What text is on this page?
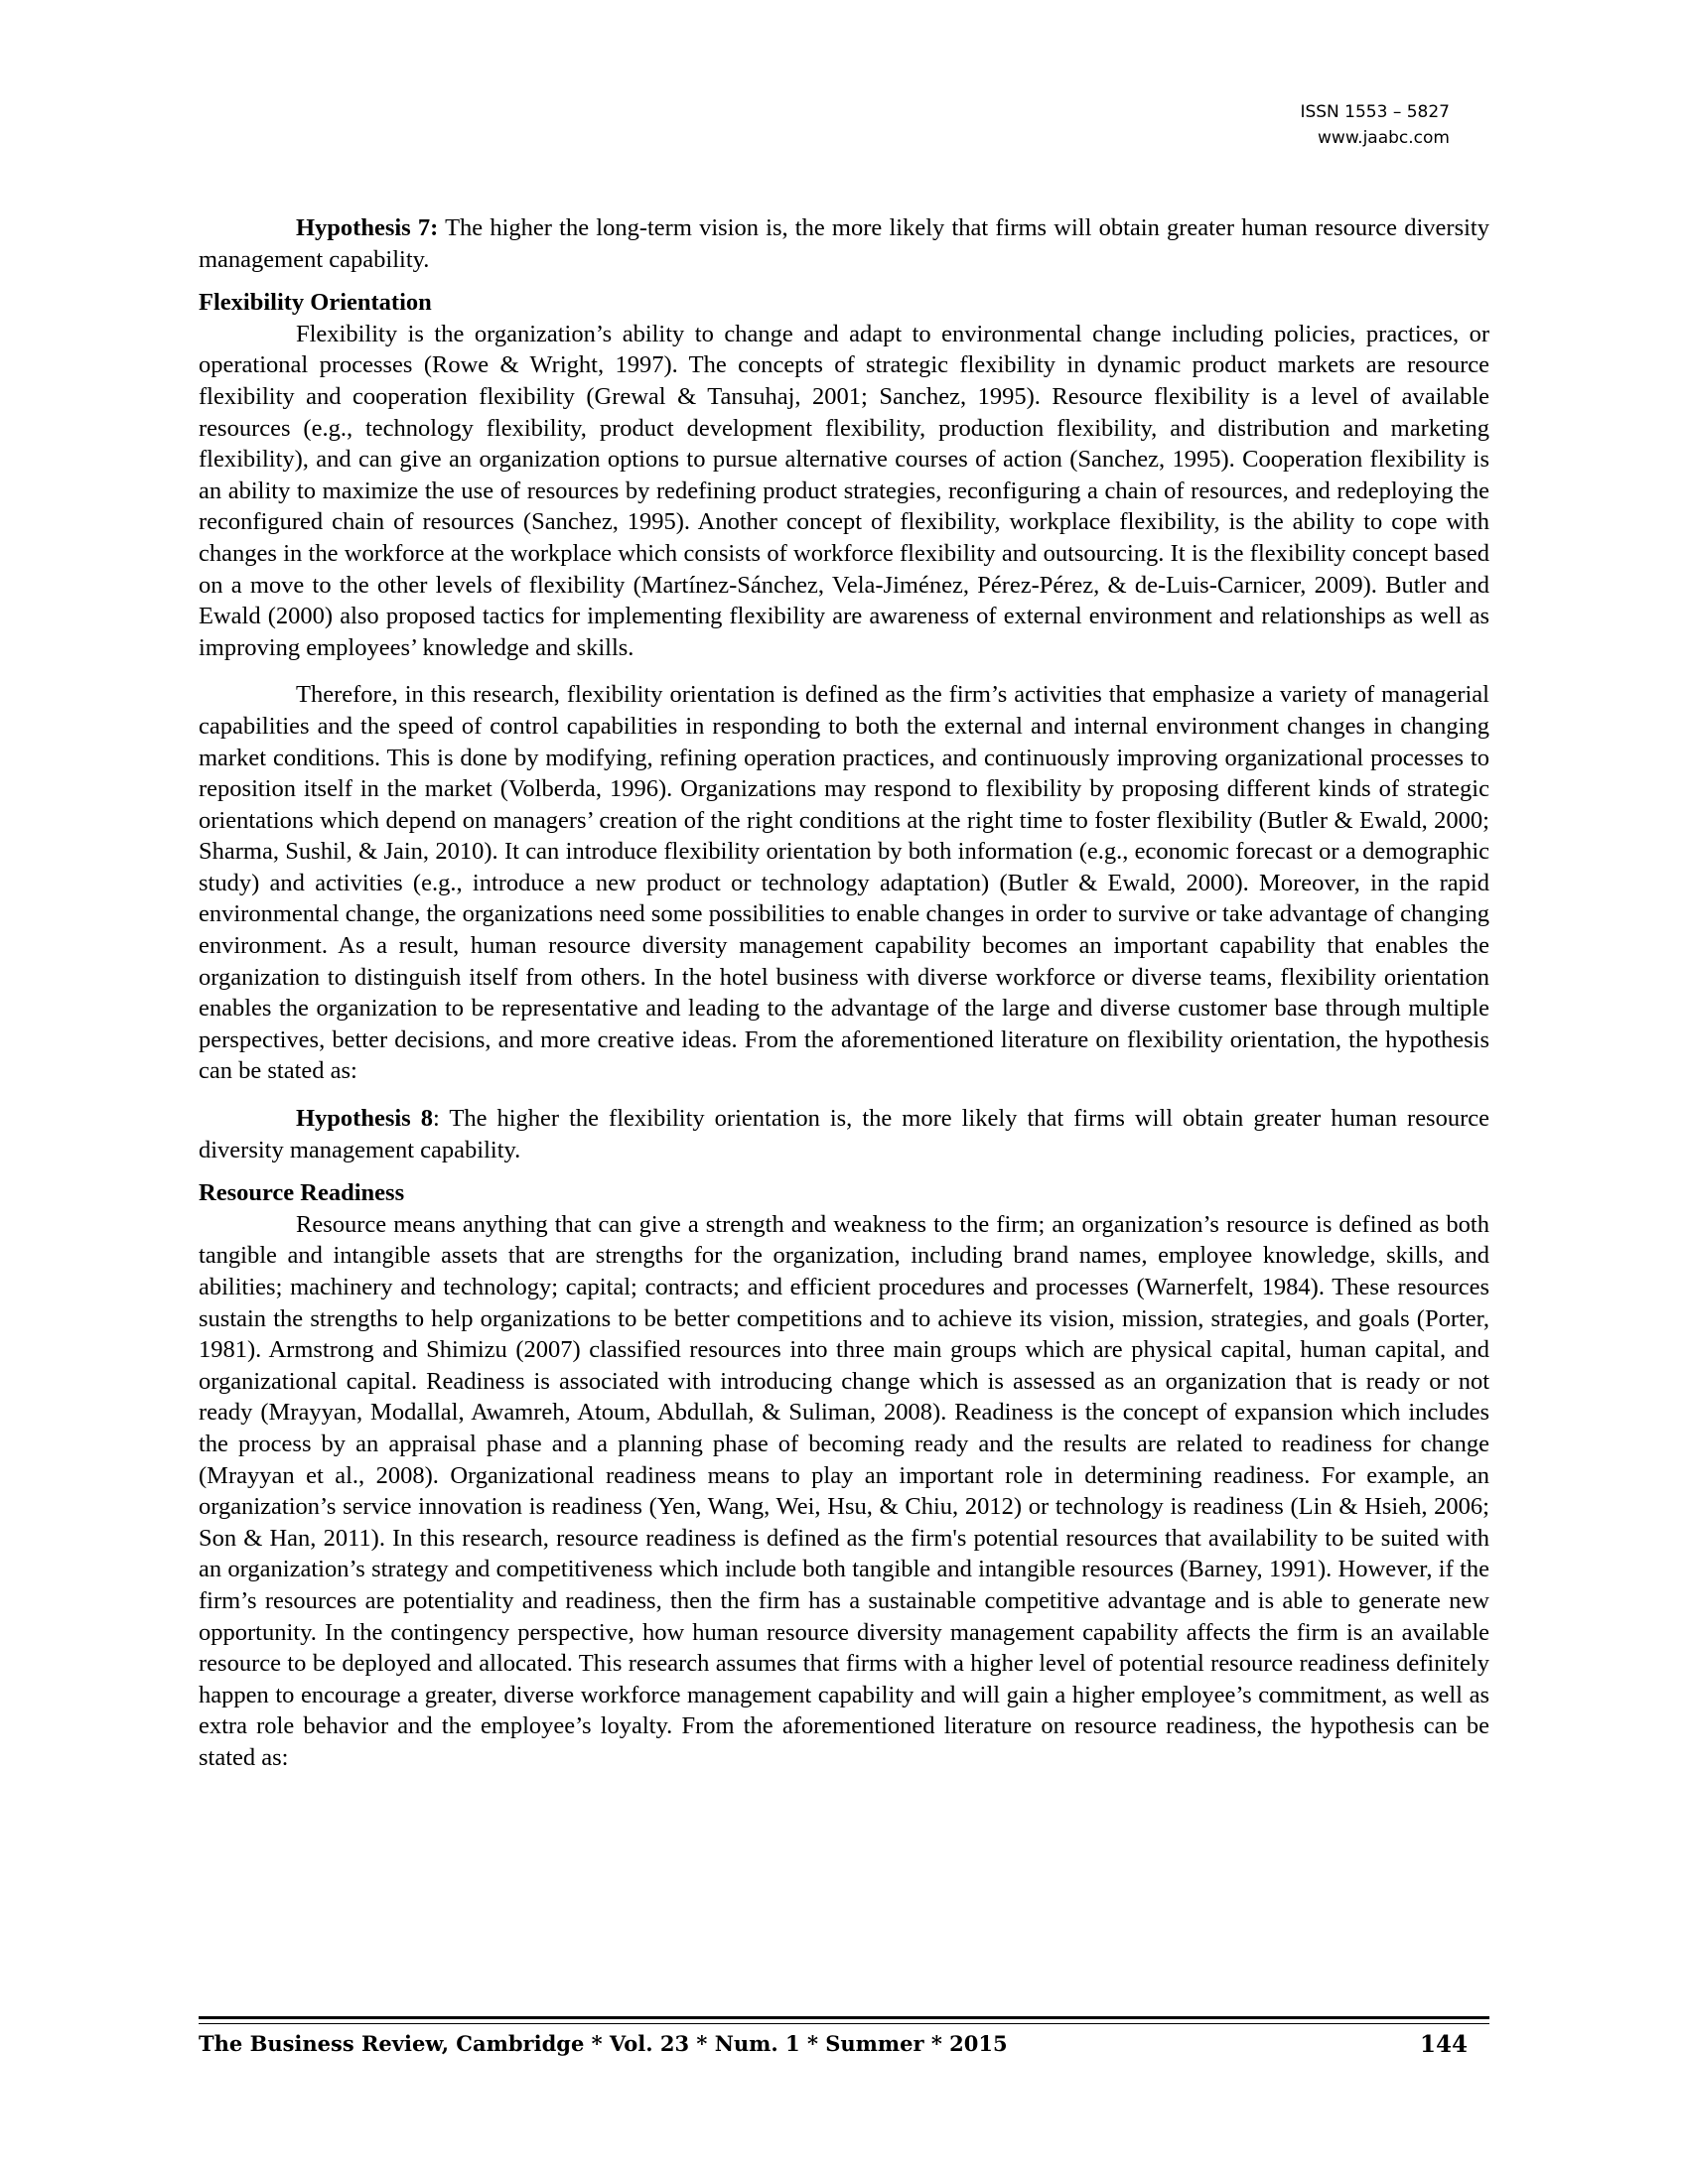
ISSN 1553 – 5827
www.jaabc.com

Hypothesis 7: The higher the long-term vision is, the more likely that firms will obtain greater human resource diversity management capability.

Flexibility Orientation

Flexibility is the organization’s ability to change and adapt to environmental change including policies, practices, or operational processes (Rowe & Wright, 1997). The concepts of strategic flexibility in dynamic product markets are resource flexibility and cooperation flexibility (Grewal & Tansuhaj, 2001; Sanchez, 1995). Resource flexibility is a level of available resources (e.g., technology flexibility, product development flexibility, production flexibility, and distribution and marketing flexibility), and can give an organization options to pursue alternative courses of action (Sanchez, 1995). Cooperation flexibility is an ability to maximize the use of resources by redefining product strategies, reconfiguring a chain of resources, and redeploying the reconfigured chain of resources (Sanchez, 1995). Another concept of flexibility, workplace flexibility, is the ability to cope with changes in the workforce at the workplace which consists of workforce flexibility and outsourcing. It is the flexibility concept based on a move to the other levels of flexibility (Martínez-Sánchez, Vela-Jiménez, Pérez-Pérez, & de-Luis-Carnicer, 2009). Butler and Ewald (2000) also proposed tactics for implementing flexibility are awareness of external environment and relationships as well as improving employees’ knowledge and skills.

Therefore, in this research, flexibility orientation is defined as the firm’s activities that emphasize a variety of managerial capabilities and the speed of control capabilities in responding to both the external and internal environment changes in changing market conditions. This is done by modifying, refining operation practices, and continuously improving organizational processes to reposition itself in the market (Volberda, 1996). Organizations may respond to flexibility by proposing different kinds of strategic orientations which depend on managers’ creation of the right conditions at the right time to foster flexibility (Butler & Ewald, 2000; Sharma, Sushil, & Jain, 2010). It can introduce flexibility orientation by both information (e.g., economic forecast or a demographic study) and activities (e.g., introduce a new product or technology adaptation) (Butler & Ewald, 2000). Moreover, in the rapid environmental change, the organizations need some possibilities to enable changes in order to survive or take advantage of changing environment. As a result, human resource diversity management capability becomes an important capability that enables the organization to distinguish itself from others. In the hotel business with diverse workforce or diverse teams, flexibility orientation enables the organization to be representative and leading to the advantage of the large and diverse customer base through multiple perspectives, better decisions, and more creative ideas. From the aforementioned literature on flexibility orientation, the hypothesis can be stated as:

Hypothesis 8: The higher the flexibility orientation is, the more likely that firms will obtain greater human resource diversity management capability.

Resource Readiness

Resource means anything that can give a strength and weakness to the firm; an organization’s resource is defined as both tangible and intangible assets that are strengths for the organization, including brand names, employee knowledge, skills, and abilities; machinery and technology; capital; contracts; and efficient procedures and processes (Warnerfelt, 1984). These resources sustain the strengths to help organizations to be better competitions and to achieve its vision, mission, strategies, and goals (Porter, 1981). Armstrong and Shimizu (2007) classified resources into three main groups which are physical capital, human capital, and organizational capital. Readiness is associated with introducing change which is assessed as an organization that is ready or not ready (Mrayyan, Modallal, Awamreh, Atoum, Abdullah, & Suliman, 2008). Readiness is the concept of expansion which includes the process by an appraisal phase and a planning phase of becoming ready and the results are related to readiness for change (Mrayyan et al., 2008). Organizational readiness means to play an important role in determining readiness. For example, an organization’s service innovation is readiness (Yen, Wang, Wei, Hsu, & Chiu, 2012) or technology is readiness (Lin & Hsieh, 2006; Son & Han, 2011). In this research, resource readiness is defined as the firm's potential resources that availability to be suited with an organization’s strategy and competitiveness which include both tangible and intangible resources (Barney, 1991). However, if the firm’s resources are potentiality and readiness, then the firm has a sustainable competitive advantage and is able to generate new opportunity. In the contingency perspective, how human resource diversity management capability affects the firm is an available resource to be deployed and allocated. This research assumes that firms with a higher level of potential resource readiness definitely happen to encourage a greater, diverse workforce management capability and will gain a higher employee’s commitment, as well as extra role behavior and the employee’s loyalty. From the aforementioned literature on resource readiness, the hypothesis can be stated as:

The Business Review, Cambridge * Vol. 23 * Num. 1 * Summer * 2015	144
